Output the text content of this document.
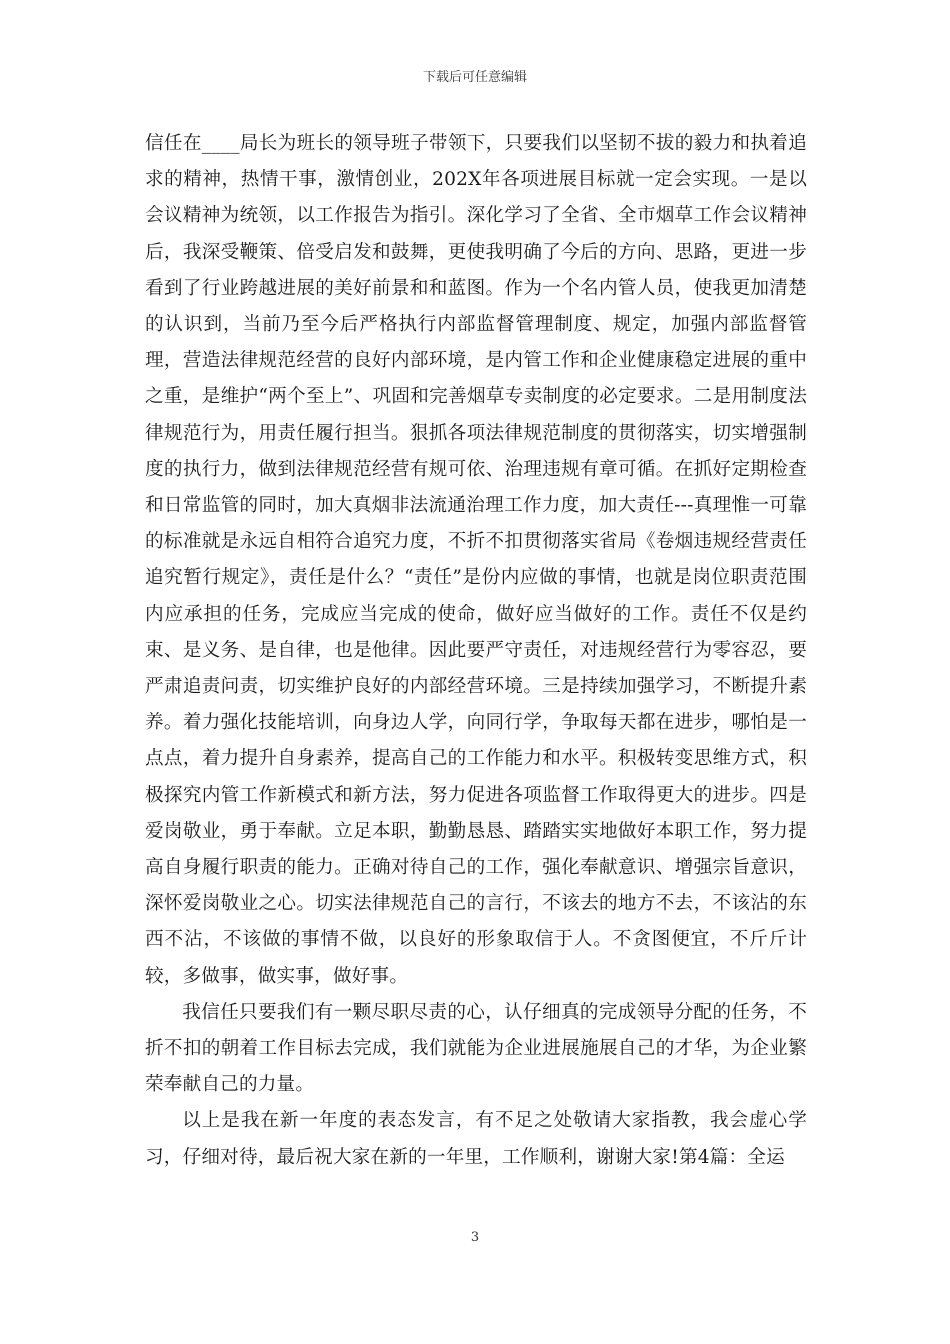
下载后可任意编辑

信任在____局长为班长的领导班子带领下，只要我们以坚韧不拔的毅力和执着追求的精神，热情干事，激情创业，202X年各项进展目标就一定会实现。一是以会议精神为统领，以工作报告为指引。深化学习了全省、全市烟草工作会议精神后，我深受鞭策、倍受启发和鼓舞，更使我明确了今后的方向、思路，更进一步看到了行业跨越进展的美好前景和和蓝图。作为一个名内管人员，使我更加清楚的认识到，当前乃至今后严格执行内部监督管理制度、规定，加强内部监督管理，营造法律规范经营的良好内部环境，是内管工作和企业健康稳定进展的重中之重，是维护“两个至上”、巩固和完善烟草专卖制度的必定要求。二是用制度法律规范行为，用责任履行担当。狠抓各项法律规范制度的贯彻落实，切实增强制度的执行力，做到法律规范经营有规可依、治理违规有章可循。在抓好定期检查和日常监管的同时，加大真烟非法流通治理工作力度，加大责任---真理惟一可靠的标准就是永远自相符合追究力度，不折不扣贯彻落实省局《卷烟违规经营责任追究暂行规定》，责任是什么？“责任”是份内应做的事情，也就是岗位职责范围内应承担的任务，完成应当完成的使命，做好应当做好的工作。责任不仅是约束、是义务、是自律，也是他律。因此要严守责任，对违规经营行为零容忍，要严肃追责问责，切实维护良好的内部经营环境。三是持续加强学习，不断提升素养。着力强化技能培训，向身边人学，向同行学，争取每天都在进步，哪怕是一点点，着力提升自身素养，提高自己的工作能力和水平。积极转变思维方式，积极探究内管工作新模式和新方法，努力促进各项监督工作取得更大的进步。四是爱岗敬业，勇于奉献。立足本职，勤勤恳恳、踏踏实实地做好本职工作，努力提高自身履行职责的能力。正确对待自己的工作，强化奉献意识、增强宗旨意识，深怀爱岗敬业之心。切实法律规范自己的言行，不该去的地方不去，不该沾的东西不沾，不该做的事情不做，以良好的形象取信于人。不贪图便宜，不斤斤计较，多做事，做实事，做好事。

我信任只要我们有一颗尽职尽责的心，认仔细真的完成领导分配的任务，不折不扣的朝着工作目标去完成，我们就能为企业进展施展自己的才华，为企业繁荣奉献自己的力量。

以上是我在新一年度的表态发言，有不足之处敬请大家指教，我会虚心学习，仔细对待，最后祝大家在新的一年里，工作顺利，谢谢大家!第4篇：全运

3
